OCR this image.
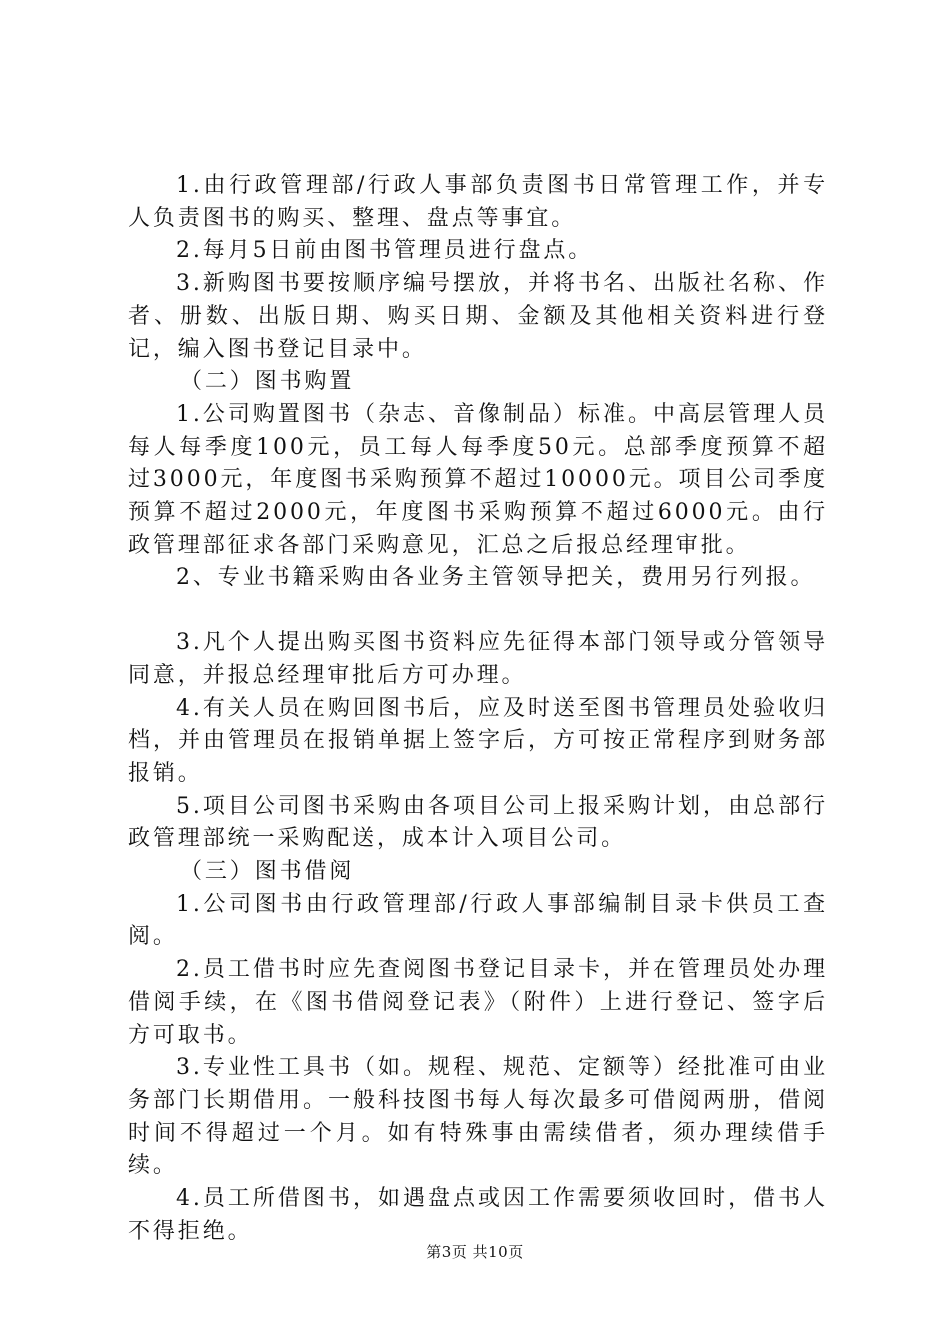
1.由行政管理部/行政人事部负责图书日常管理工作，并专人负责图书的购买、整理、盘点等事宜。

2.每月5日前由图书管理员进行盘点。

3.新购图书要按顺序编号摆放，并将书名、出版社名称、作者、册数、出版日期、购买日期、金额及其他相关资料进行登记，编入图书登记目录中。

（二）图书购置

1.公司购置图书（杂志、音像制品）标准。中高层管理人员每人每季度100元，员工每人每季度50元。总部季度预算不超过3000元，年度图书采购预算不超过10000元。项目公司季度预算不超过2000元，年度图书采购预算不超过6000元。由行政管理部征求各部门采购意见，汇总之后报总经理审批。

2、专业书籍采购由各业务主管领导把关，费用另行列报。

3.凡个人提出购买图书资料应先征得本部门领导或分管领导同意，并报总经理审批后方可办理。

4.有关人员在购回图书后，应及时送至图书管理员处验收归档，并由管理员在报销单据上签字后，方可按正常程序到财务部报销。

5.项目公司图书采购由各项目公司上报采购计划，由总部行政管理部统一采购配送，成本计入项目公司。

（三）图书借阅

1.公司图书由行政管理部/行政人事部编制目录卡供员工查阅。

2.员工借书时应先查阅图书登记目录卡，并在管理员处办理借阅手续，在《图书借阅登记表》（附件）上进行登记、签字后方可取书。

3.专业性工具书（如。规程、规范、定额等）经批准可由业务部门长期借用。一般科技图书每人每次最多可借阅两册，借阅时间不得超过一个月。如有特殊事由需续借者，须办理续借手续。

4.员工所借图书，如遇盘点或因工作需要须收回时，借书人不得拒绝。

第3页 共10页
